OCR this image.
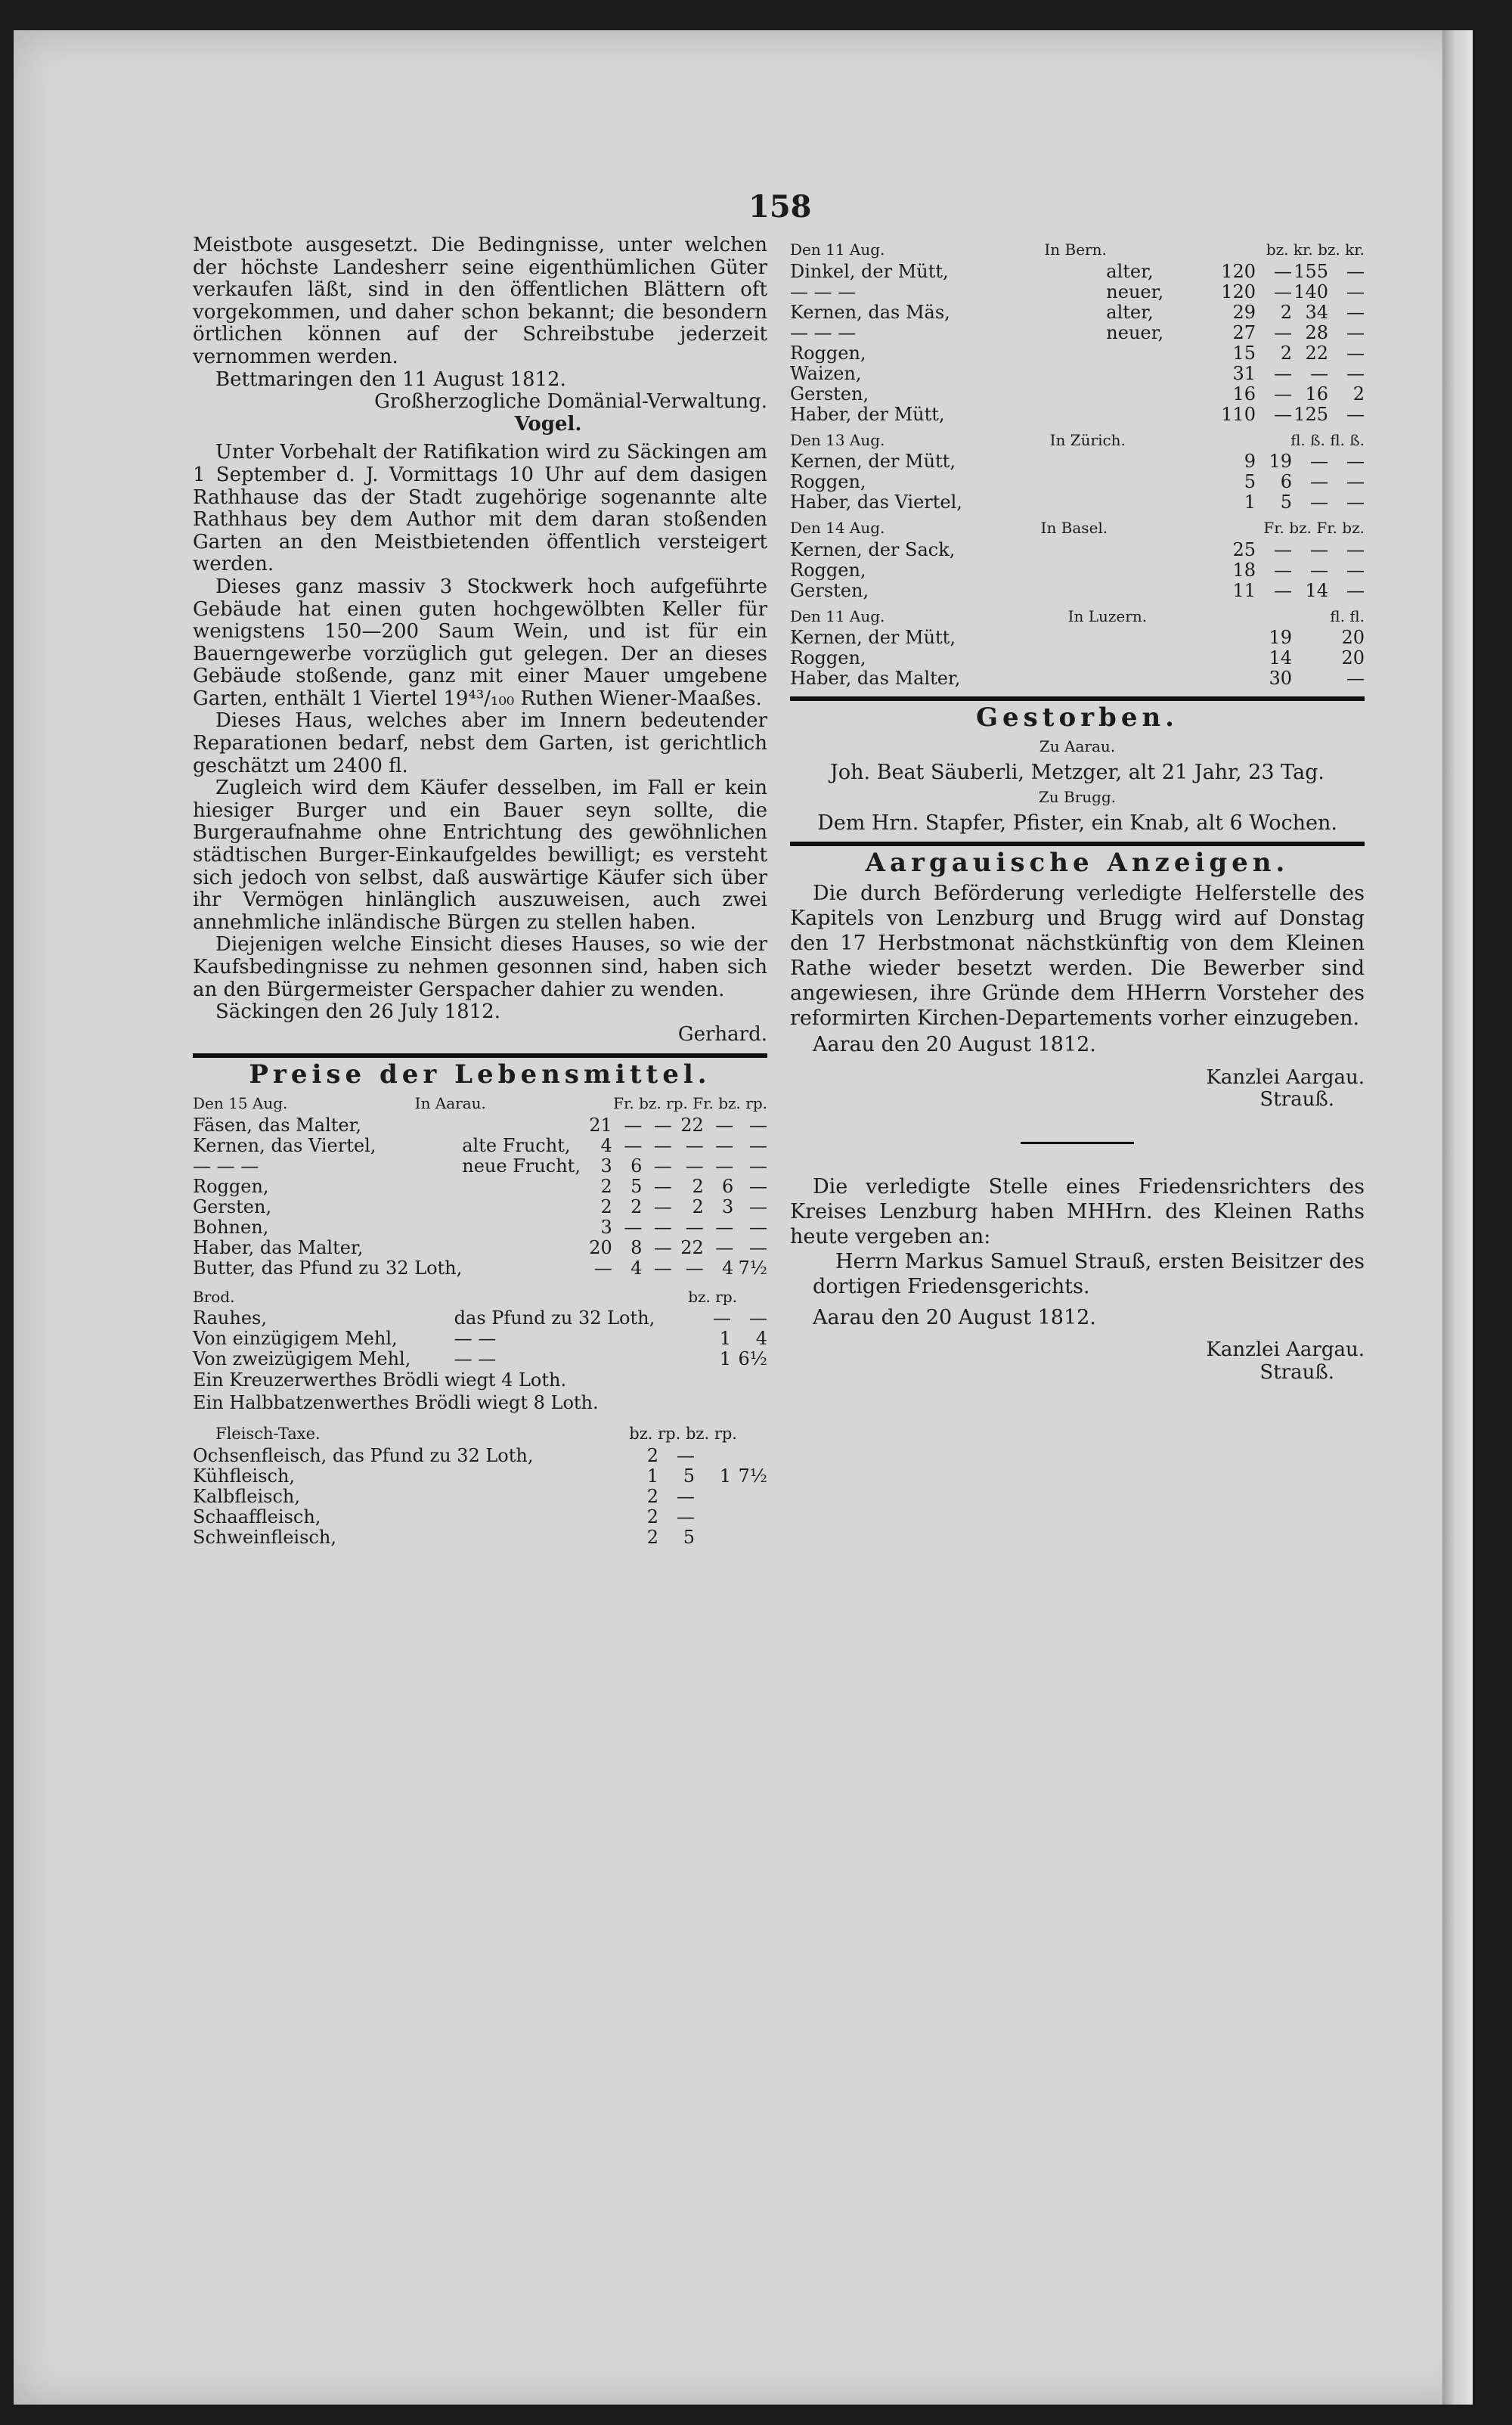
158

Meistbote ausgesetzt. Die Bedingnisse, unter welchen der höchste Landesherr seine eigenthümlichen Güter verkaufen läßt, sind in den öffentlichen Blättern oft vorgekommen, und daher schon bekannt; die besondern örtlichen können auf der Schreibstube jederzeit vernommen werden.

Bettmaringen den 11 August 1812.

Großherzogliche Domänial-Verwaltung.

Vogel.

Unter Vorbehalt der Ratifikation wird zu Säckingen am 1 September d. J. Vormittags 10 Uhr auf dem dasigen Rathhause das der Stadt zugehörige sogenannte alte Rathhaus bey dem Author mit dem daran stoßenden Garten an den Meistbietenden öffentlich versteigert werden.

Dieses ganz massiv 3 Stockwerk hoch aufgeführte Gebäude hat einen guten hochgewölbten Keller für wenigstens 150—200 Saum Wein, und ist für ein Bauerngewerbe vorzüglich gut gelegen. Der an dieses Gebäude stoßende, ganz mit einer Mauer umgebene Garten, enthält 1 Viertel 19⁴³/₁₀₀ Ruthen Wiener-Maaßes.

Dieses Haus, welches aber im Innern bedeutender Reparationen bedarf, nebst dem Garten, ist gerichtlich geschätzt um 2400 fl.

Zugleich wird dem Käufer desselben, im Fall er kein hiesiger Burger und ein Bauer seyn sollte, die Burgeraufnahme ohne Entrichtung des gewöhnlichen städtischen Burger-Einkaufgeldes bewilligt; es versteht sich jedoch von selbst, daß auswärtige Käufer sich über ihr Vermögen hinlänglich auszuweisen, auch zwei annehmliche inländische Bürgen zu stellen haben.

Diejenigen welche Einsicht dieses Hauses, so wie der Kaufsbedingnisse zu nehmen gesonnen sind, haben sich an den Bürgermeister Gerspacher dahier zu wenden.

Säckingen den 26 July 1812.

Gerhard.

Preise der Lebensmittel.
Den 15 Aug.	In Aarau.	Fr. bz. rp. Fr. bz. rp.
Fäsen, das Malter,		21	—	—	22	—	—
Kernen, das Viertel,	alte Frucht,	4	—	—	—	—	—
— — —	neue Frucht,	3	6	—	—	—	—
Roggen,		2	5	—	2	6	—
Gersten,		2	2	—	2	3	—
Bohnen,		3	—	—	—	—	—
Haber, das Malter,		20	8	—	22	—	—
Butter, das Pfund zu 32 Loth,		—	4	—	—	4	7½
Brod.	bz. rp.
Rauhes,	das Pfund zu 32 Loth,	—	—
Von einzügigem Mehl,	— —	1	4
Von zweizügigem Mehl,	— —	1	6½

Ein Kreuzerwerthes Brödli wiegt 4 Loth.

Ein Halbbatzenwerthes Brödli wiegt 8 Loth.

Fleisch-Taxe.	bz. rp. bz. rp.
Ochsenfleisch, das Pfund zu 32 Loth,	2	—		
Kühfleisch,	1	5	1	7½
Kalbfleisch,	2	—		
Schaaffleisch,	2	—		
Schweinfleisch,	2	5		
Den 11 Aug.	In Bern.	bz. kr. bz. kr.
Dinkel, der Mütt,	alter,	120	—	155	—
— — —	neuer,	120	—	140	—
Kernen, das Mäs,	alter,	29	2	34	—
— — —	neuer,	27	—	28	—
Roggen,		15	2	22	—
Waizen,		31	—	—	—
Gersten,		16	—	16	2
Haber, der Mütt,		110	—	125	—
Den 13 Aug.	In Zürich.	fl. ß. fl. ß.
Kernen, der Mütt,		9	19	—	—
Roggen,		5	6	—	—
Haber, das Viertel,		1	5	—	—
Den 14 Aug.	In Basel.	Fr. bz. Fr. bz.
Kernen, der Sack,		25	—	—	—
Roggen,		18	—	—	—
Gersten,		11	—	14	—
Den 11 Aug.	In Luzern.	fl. fl.
Kernen, der Mütt,			19		20
Roggen,			14		20
Haber, das Malter,			30		—
Gestorben.
Zu Aarau.

Joh. Beat Säuberli, Metzger, alt 21 Jahr, 23 Tag.

Zu Brugg.

Dem Hrn. Stapfer, Pfister, ein Knab, alt 6 Wochen.

Aargauische Anzeigen.

Die durch Beförderung verledigte Helferstelle des Kapitels von Lenzburg und Brugg wird auf Donstag den 17 Herbstmonat nächstkünftig von dem Kleinen Rathe wieder besetzt werden. Die Bewerber sind angewiesen, ihre Gründe dem HHerrn Vorsteher des reformirten Kirchen-Departements vorher einzugeben.

Aarau den 20 August 1812.

Kanzlei Aargau.

Strauß.

Die verledigte Stelle eines Friedensrichters des Kreises Lenzburg haben MHHrn. des Kleinen Raths heute vergeben an:

Herrn Markus Samuel Strauß, ersten Beisitzer des dortigen Friedensgerichts.

Aarau den 20 August 1812.

Kanzlei Aargau.

Strauß.
